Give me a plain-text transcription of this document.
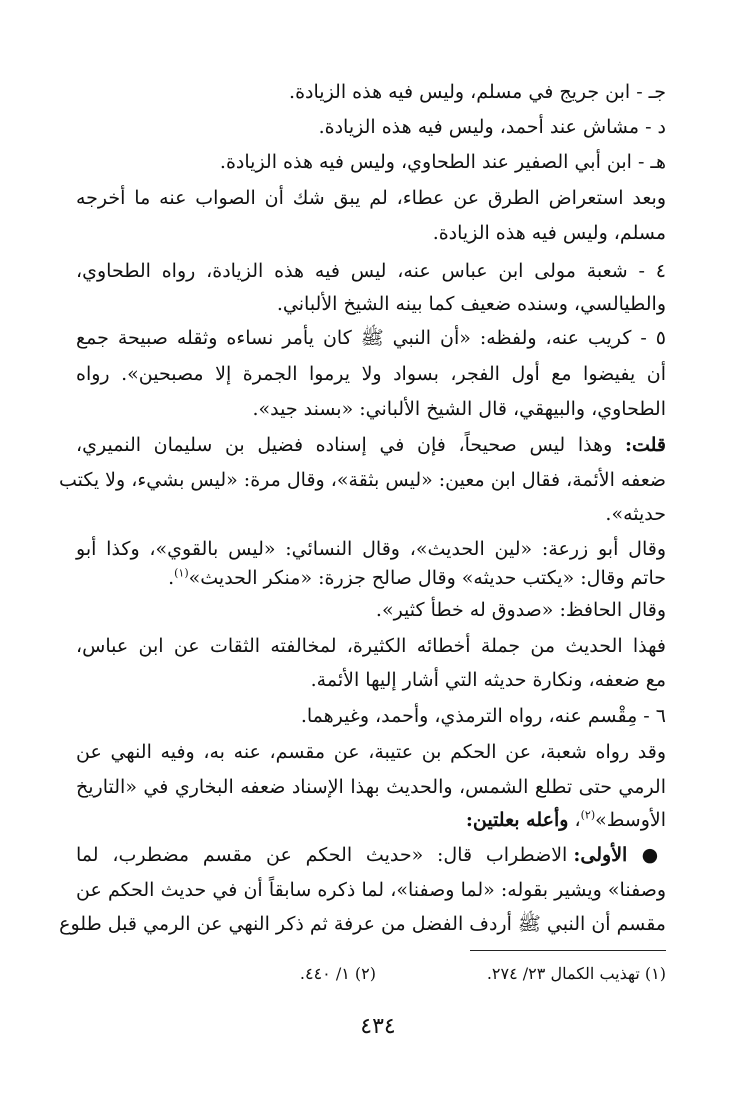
جـ - ابن جريج في مسلم، وليس فيه هذه الزيادة.
د - مشاش عند أحمد، وليس فيه هذه الزيادة.
هـ - ابن أبي الصفير عند الطحاوي، وليس فيه هذه الزيادة.
وبعد استعراض الطرق عن عطاء، لم يبق شك أن الصواب عنه ما أخرجه
مسلم، وليس فيه هذه الزيادة.
٤ - شعبة مولى ابن عباس عنه، ليس فيه هذه الزيادة، رواه الطحاوي،
والطيالسي، وسنده ضعيف كما بينه الشيخ الألباني.
٥ - كريب عنه، ولفظه: «أن النبي ﷺ كان يأمر نساءه وثقله صبيحة جمع
أن يفيضوا مع أول الفجر، بسواد ولا يرموا الجمرة إلا مصبحين». رواه
الطحاوي، والبيهقي، قال الشيخ الألباني: «بسند جيد».
قلت: وهذا ليس صحيحاً، فإن في إسناده فضيل بن سليمان النميري،
ضعفه الأئمة، فقال ابن معين: «ليس بثقة»، وقال مرة: «ليس بشيء، ولا يكتب
حديثه».
وقال أبو زرعة: «لين الحديث»، وقال النسائي: «ليس بالقوي»، وكذا أبو
حاتم وقال: «يكتب حديثه» وقال صالح جزرة: «منكر الحديث»$^{(١)}$.
وقال الحافظ: «صدوق له خطأ كثير».
فهذا الحديث من جملة أخطائه الكثيرة، لمخالفته الثقات عن ابن عباس،
مع ضعفه، ونكارة حديثه التي أشار إليها الأئمة.
٦ - مِقْسم عنه، رواه الترمذي، وأحمد، وغيرهما.
وقد رواه شعبة، عن الحكم بن عتيبة، عن مقسم، عنه به، وفيه النهي عن
الرمي حتى تطلع الشمس، والحديث بهذا الإسناد ضعفه البخاري في «التاريخ
الأوسط»$^{(٢)}$، وأعله بعلتين:
● الأولى: الاضطراب قال: «حديث الحكم عن مقسم مضطرب، لما
وصفنا» ويشير بقوله: «لما وصفنا»، لما ذكره سابقاً أن في حديث الحكم عن
مقسم أن النبي ﷺ أردف الفضل من عرفة ثم ذكر النهي عن الرمي قبل طلوع
(١) تهذيب الكمال ٢٣/ ٢٧٤.
(٢) ١/ ٤٤٠.
٤٣٤
